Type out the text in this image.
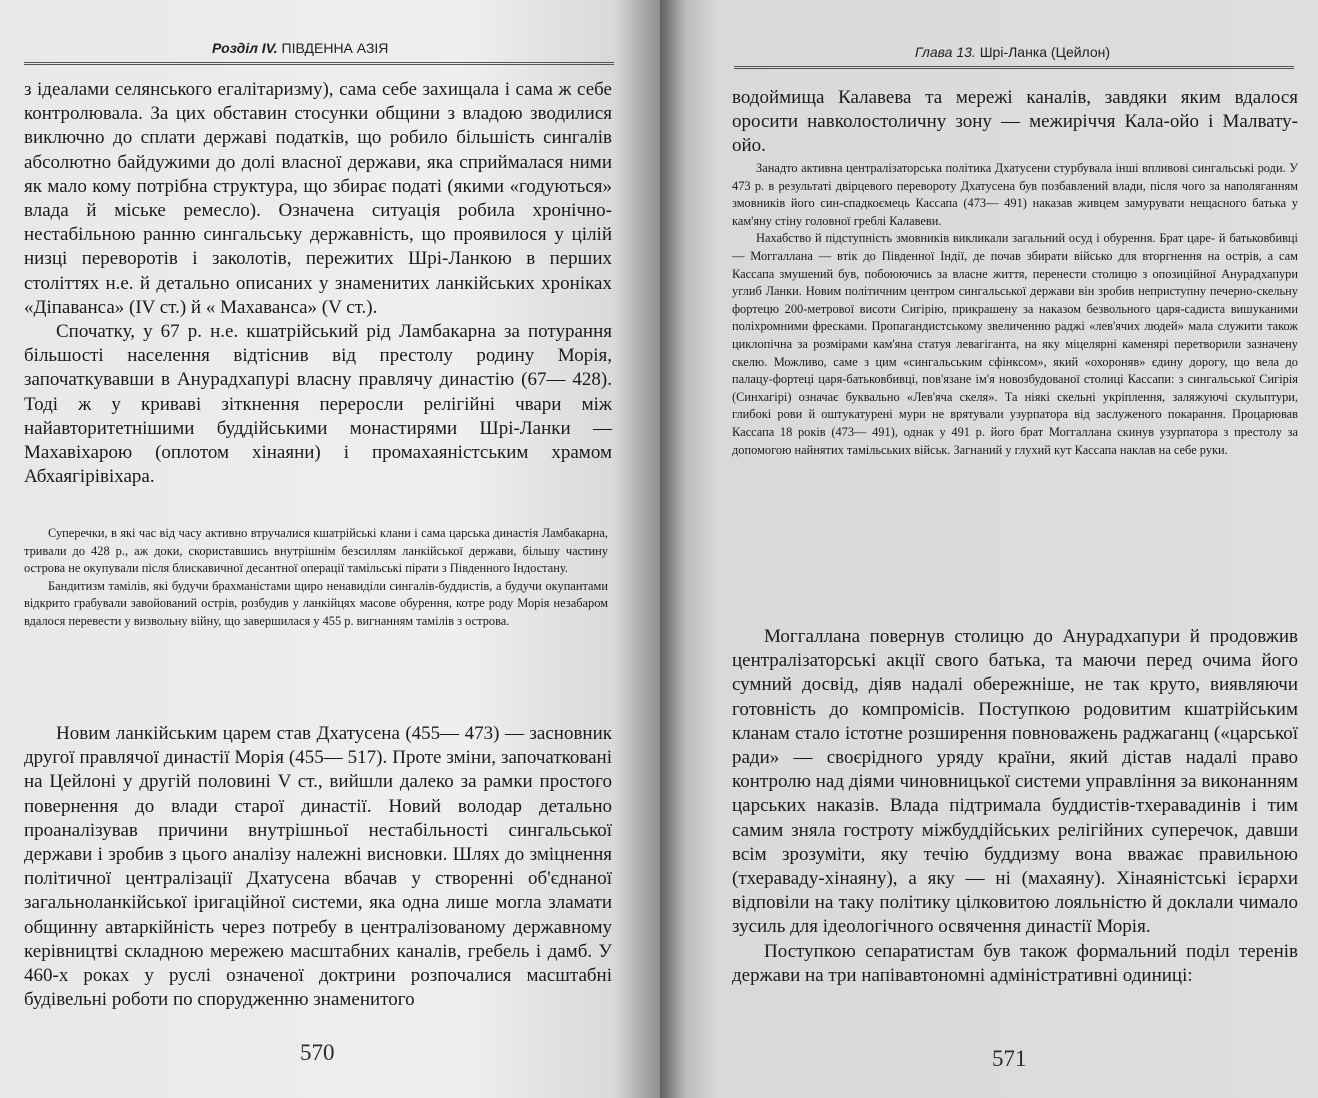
Розділ IV. ПІВДЕННА АЗІЯ

з ідеалами селянського егалітаризму), сама себе захищала і сама ж себе контролювала. За цих обставин стосунки общини з владою зводилися виключно до сплати державі податків, що робило більшість сингалів абсолютно байдужими до долі власної держави, яка сприймалася ними як мало кому потрібна структура, що збирає податі (якими «годуються» влада й міське ремесло). Означена ситуація робила хронічно-нестабільною ранню сингальську державність, що проявилося у цілій низці переворотів і заколотів, пережитих Шрі-Ланкою в перших століттях н.е. й детально описаних у знаменитих ланкійських хроніках «Діпаванса» (IV ст.) й « Махаванса» (V ст.).

Спочатку, у 67 р. н.е. кшатрійський рід Ламбакарна за потурання більшості населення відтіснив від престолу родину Морія, започаткувавши в Анурадхапурі власну правлячу династію (67— 428). Тоді ж у криваві зіткнення переросли релігійні чвари між найавторитетнішими буддійськими монастирями Шрі-Ланки — Махавіхарою (оплотом хінаяни) і промахаяністським храмом Абхаягірівіхара.

Суперечки, в які час від часу активно втручалися кшатрійські клани і сама царська династія Ламбакарна, тривали до 428 р., аж доки, скориставшись внутрішнім безсиллям ланкійської держави, більшу частину острова не окупували після блискавичної десантної операції тамільські пірати з Південного Індостану.

Бандитизм тамілів, які будучи брахманістами щиро ненавиділи сингалів-буддистів, а будучи окупантами відкрито грабували завойований острів, розбудив у ланкійцях масове обурення, котре роду Морія незабаром вдалося перевести у визвольну війну, що завершилася у 455 р. вигнанням тамілів з острова.

Новим ланкійським царем став Дхатусена (455— 473) — засновник другої правлячої династії Морія (455— 517). Проте зміни, започатковані на Цейлоні у другій половині V ст., вийшли далеко за рамки простого повернення до влади старої династії. Новий володар детально проаналізував причини внутрішньої нестабільності сингальської держави і зробив з цього аналізу належні висновки. Шлях до зміцнення політичної централізації Дхатусена вбачав у створенні об'єднаної загальноланкійської іригаційної системи, яка одна лише могла зламати общинну автаркійність через потребу в централізованому державному керівництві складною мережею масштабних каналів, гребель і дамб. У 460-х роках у руслі означеної доктрини розпочалися масштабні будівельні роботи по спорудженню знаменитого

570
Глава 13. Шрі-Ланка (Цейлон)

водоймища Калавева та мережі каналів, завдяки яким вдалося оросити навколостоличну зону — межиріччя Кала-ойо і Малвату-ойо.

Занадто активна централізаторська політика Дхатусени стурбувала інші впливові сингальські роди. У 473 р. в результаті двірцевого перевороту Дхатусена був позбавлений влади, після чого за наполяганням змовників його син-спадкоємець Кассапа (473— 491) наказав живцем замурувати нещасного батька у кам'яну стіну головної греблі Калавеви.

Нахабство й підступність змовників викликали загальний осуд і обурення. Брат царе- й батьковбивці — Моггаллана — втік до Південної Індії, де почав збирати військо для вторгнення на острів, а сам Кассапа змушений був, побоюючись за власне життя, перенести столицю з опозиційної Анурадхапури углиб Ланки. Новим політичним центром сингальської держави він зробив неприступну печерно-скельну фортецю 200-метрової висоти Сигірію, прикрашену за наказом безвольного царя-садиста вишуканими поліхромними фресками. Пропагандистському звеличенню раджі «лев'ячих людей» мала служити також циклопічна за розмірами кам'яна статуя левагіганта, на яку міцелярні каменярі перетворили зазначену скелю. Можливо, саме з цим «сингальським сфінксом», який «охороняв» єдину дорогу, що вела до палацу-фортеці царя-батьковбивці, пов'язане ім'я новозбудованої столиці Кассапи: з сингальської Сигірія (Синхагірі) означає буквально «Лев'яча скеля». Та ніякі скельні укріплення, заляжуючі скульптури, глибокі рови й оштукатурені мури не врятували узурпатора від заслуженого покарання. Процарював Кассапа 18 років (473— 491), однак у 491 р. його брат Моггаллана скинув узурпатора з престолу за допомогою найнятих тамільських військ. Загнаний у глухий кут Кассапа наклав на себе руки.

Моггаллана повернув столицю до Анурадхапури й продовжив централізаторські акції свого батька, та маючи перед очима його сумний досвід, діяв надалі обережніше, не так круто, виявляючи готовність до компромісів. Поступкою родовитим кшатрійським кланам стало істотне розширення повноважень раджаганц («царської ради» — своєрідного уряду країни, який дістав надалі право контролю над діями чиновницької системи управління за виконанням царських наказів. Влада підтримала буддистів-тхеравадинів і тим самим зняла гостроту міжбуддійських релігійних суперечок, давши всім зрозуміти, яку течію буддизму вона вважає правильною (тхераваду-хінаяну), а яку — ні (махаяну). Хінаяністські ієрархи відповіли на таку політику цілковитою лояльністю й доклали чимало зусиль для ідеологічного освячення династії Морія.

Поступкою сепаратистам був також формальний поділ теренів держави на три напівавтономні адміністративні одиниці:

571
